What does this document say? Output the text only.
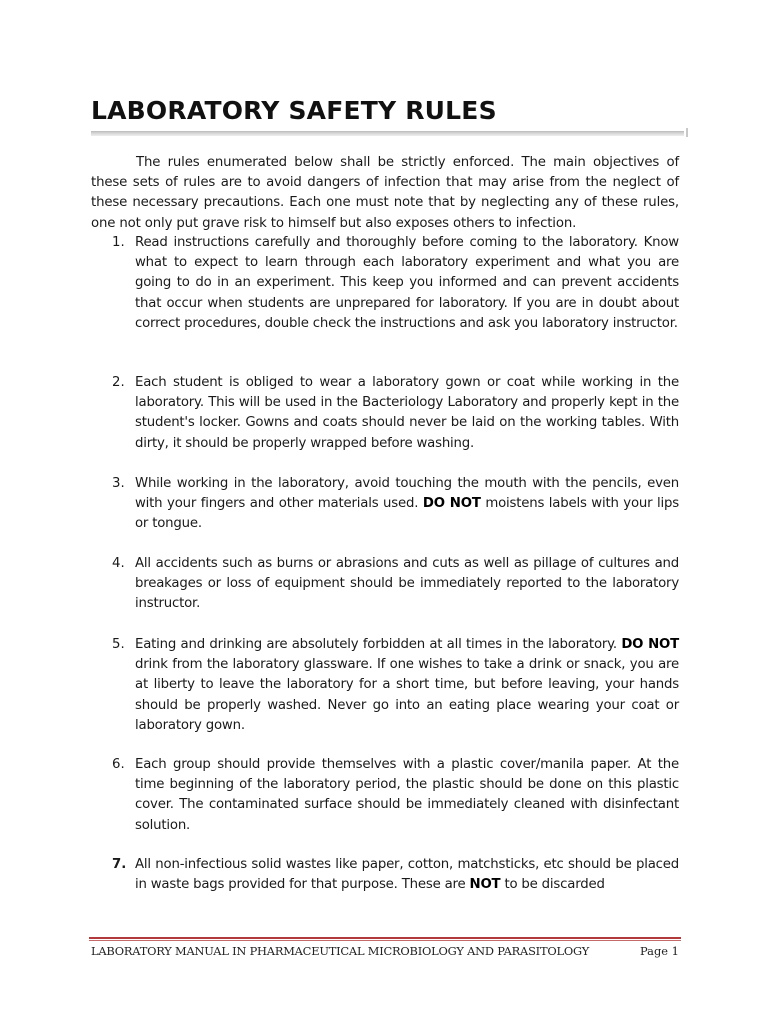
LABORATORY SAFETY RULES

The rules enumerated below shall be strictly enforced. The main objectives of these sets of rules are to avoid dangers of infection that may arise from the neglect of these necessary precautions. Each one must note that by neglecting any of these rules, one not only put grave risk to himself but also exposes others to infection.

1. Read instructions carefully and thoroughly before coming to the laboratory. Know what to expect to learn through each laboratory experiment and what you are going to do in an experiment. This keep you informed and can prevent accidents that occur when students are unprepared for laboratory. If you are in doubt about correct procedures, double check the instructions and ask you laboratory instructor.

2. Each student is obliged to wear a laboratory gown or coat while working in the laboratory. This will be used in the Bacteriology Laboratory and properly kept in the student's locker. Gowns and coats should never be laid on the working tables. With dirty, it should be properly wrapped before washing.

3. While working in the laboratory, avoid touching the mouth with the pencils, even with your fingers and other materials used. DO NOT moistens labels with your lips or tongue.

4. All accidents such as burns or abrasions and cuts as well as pillage of cultures and breakages or loss of equipment should be immediately reported to the laboratory instructor.

5. Eating and drinking are absolutely forbidden at all times in the laboratory. DO NOT drink from the laboratory glassware. If one wishes to take a drink or snack, you are at liberty to leave the laboratory for a short time, but before leaving, your hands should be properly washed. Never go into an eating place wearing your coat or laboratory gown.

6. Each group should provide themselves with a plastic cover/manila paper. At the time beginning of the laboratory period, the plastic should be done on this plastic cover. The contaminated surface should be immediately cleaned with disinfectant solution.

7. All non-infectious solid wastes like paper, cotton, matchsticks, etc should be placed in waste bags provided for that purpose. These are NOT to be discarded

LABORATORY MANUAL IN PHARMACEUTICAL MICROBIOLOGY AND PARASITOLOGY	Page 1
